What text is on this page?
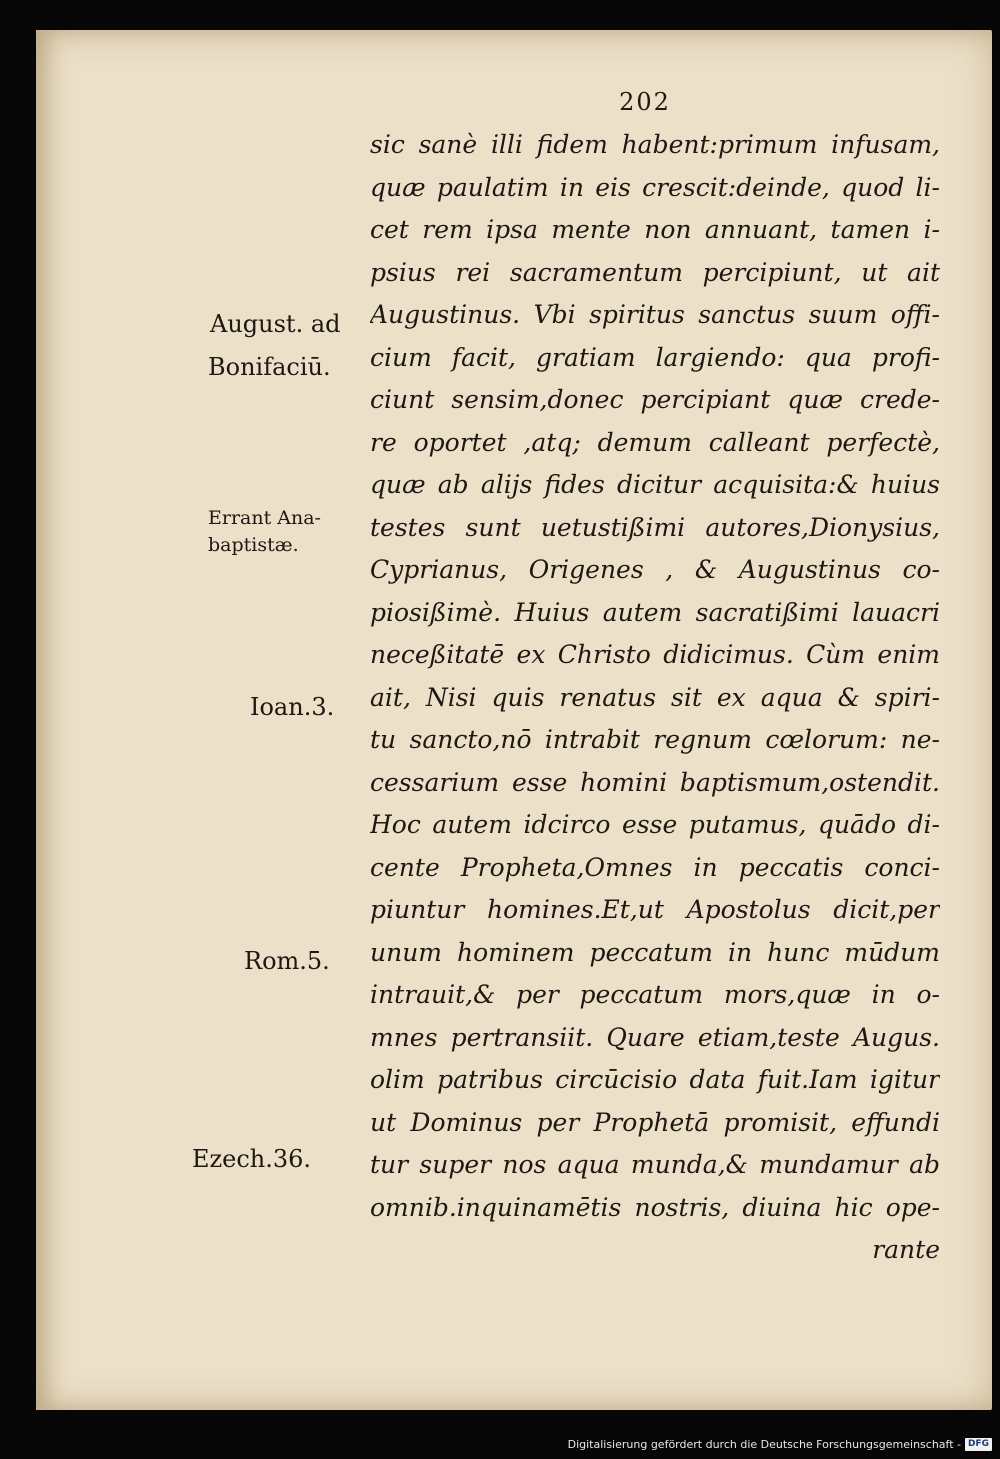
202
August. ad
Bonifaciū.
Errant Ana-
baptistæ.
Ioan.3.
Rom.5.
Ezech.36.
sic sanè illi fidem habent:primum infusam,
quæ paulatim in eis crescit:deinde, quod li-
cet rem ipsa mente non annuant, tamen i-
psius rei sacramentum percipiunt, ut ait
Augustinus. Vbi spiritus sanctus suum offi-
cium facit, gratiam largiendo: qua profi-
ciunt sensim,donec percipiant quæ crede-
re oportet ,atq; demum calleant perfectè,
quæ ab alijs fides dicitur acquisita:& huius
testes sunt uetustißimi autores,Dionysius,
Cyprianus, Origenes , & Augustinus co-
piosißimè. Huius autem sacratißimi lauacri
neceßitatē ex Christo didicimus. Cùm enim
ait, Nisi quis renatus sit ex aqua & spiri-
tu sancto,nō intrabit regnum cœlorum: ne-
cessarium esse homini baptismum,ostendit.
Hoc autem idcirco esse putamus, quādo di-
cente Propheta,Omnes in peccatis conci-
piuntur homines.Et,ut Apostolus dicit,per
unum hominem peccatum in hunc mūdum
intrauit,& per peccatum mors,quæ in o-
mnes pertransiit. Quare etiam,teste Augus.
olim patribus circūcisio data fuit.Iam igitur
ut Dominus per Prophetā promisit, effundi
tur super nos aqua munda,& mundamur ab
omnib.inquinamētis nostris, diuina hic ope-
rante
Digitalisierung gefördert durch die Deutsche Forschungsgemeinschaft - DFG
